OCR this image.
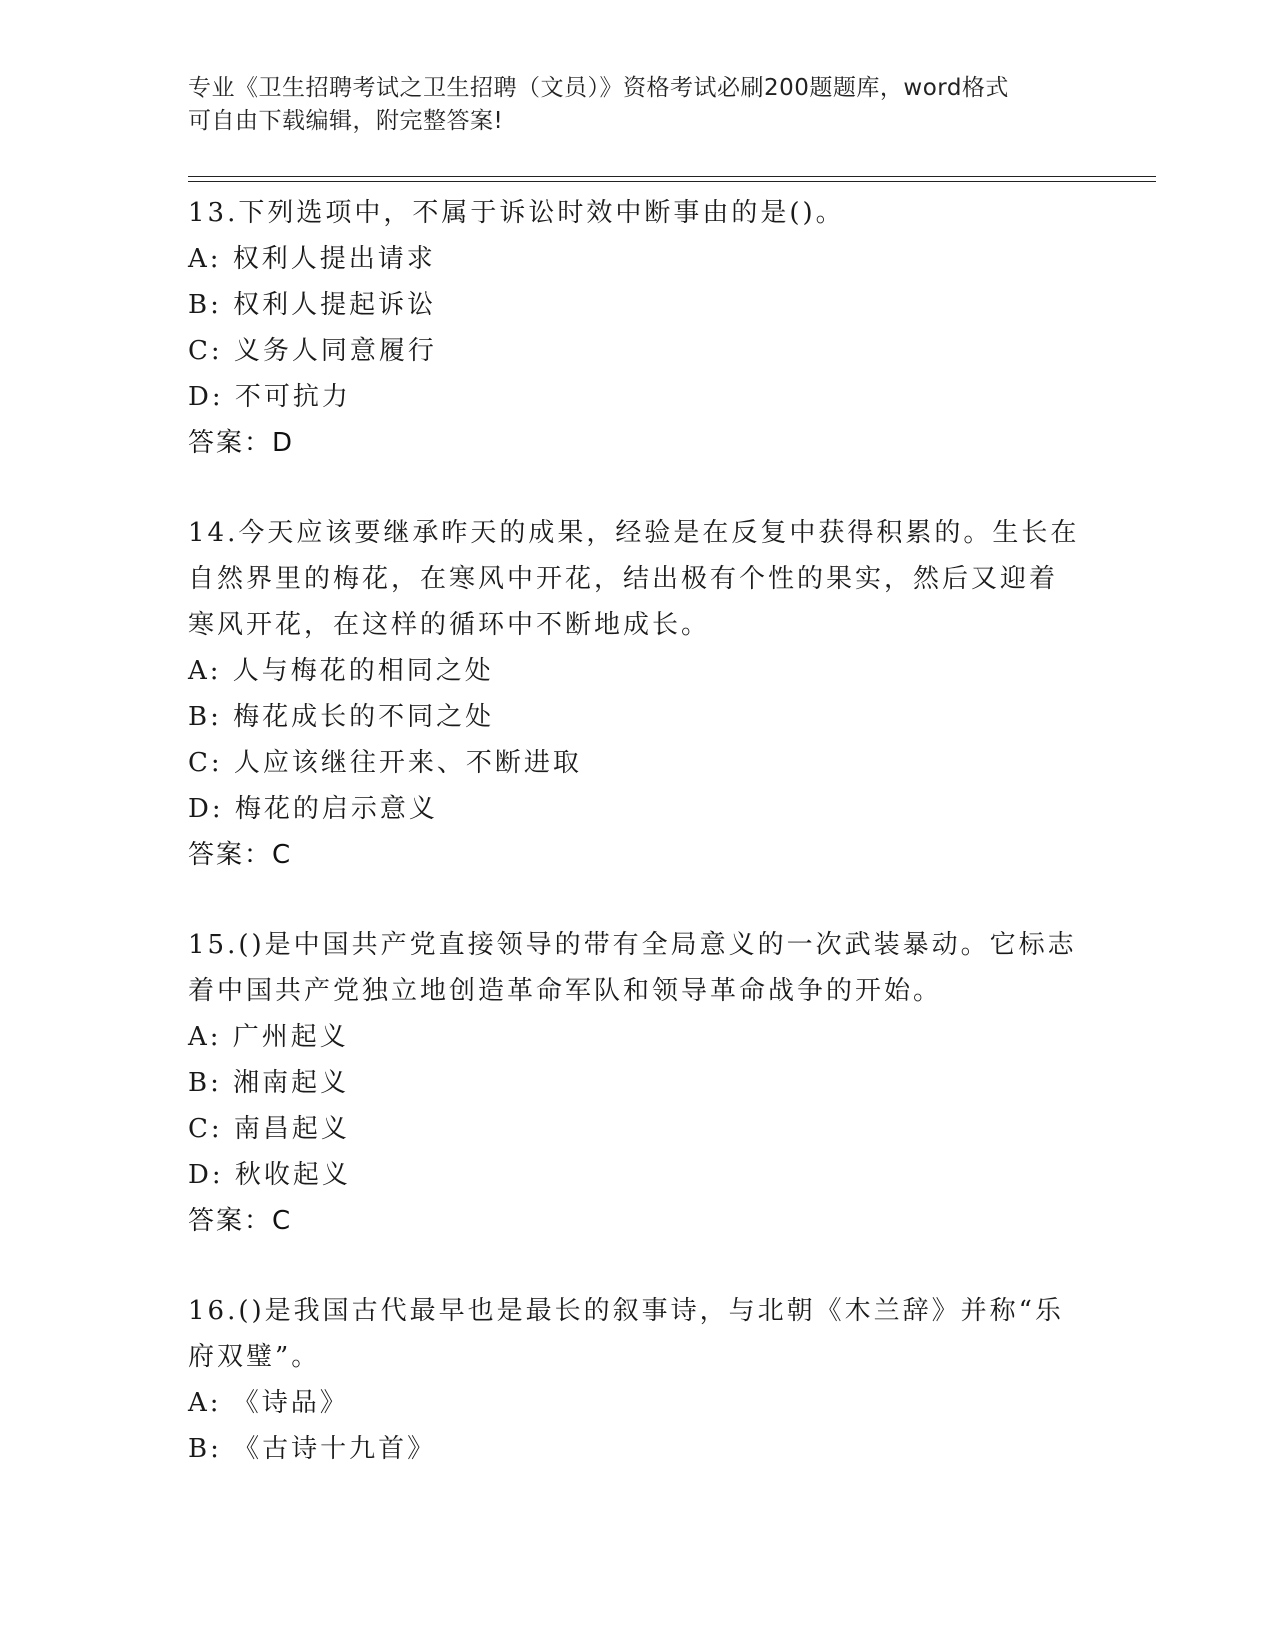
专业《卫生招聘考试之卫生招聘（文员）》资格考试必刷200题题库，word格式
可自由下载编辑，附完整答案!
13.下列选项中，不属于诉讼时效中断事由的是()。
A: 权利人提出请求
B: 权利人提起诉讼
C: 义务人同意履行
D: 不可抗力
答案：D
14.今天应该要继承昨天的成果，经验是在反复中获得积累的。生长在
自然界里的梅花，在寒风中开花，结出极有个性的果实，然后又迎着
寒风开花，在这样的循环中不断地成长。
A: 人与梅花的相同之处
B: 梅花成长的不同之处
C: 人应该继往开来、不断进取
D: 梅花的启示意义
答案：C
15.()是中国共产党直接领导的带有全局意义的一次武装暴动。它标志
着中国共产党独立地创造革命军队和领导革命战争的开始。
A: 广州起义
B: 湘南起义
C: 南昌起义
D: 秋收起义
答案：C
16.()是我国古代最早也是最长的叙事诗，与北朝《木兰辞》并称“乐
府双璧”。
A: 《诗品》
B: 《古诗十九首》
